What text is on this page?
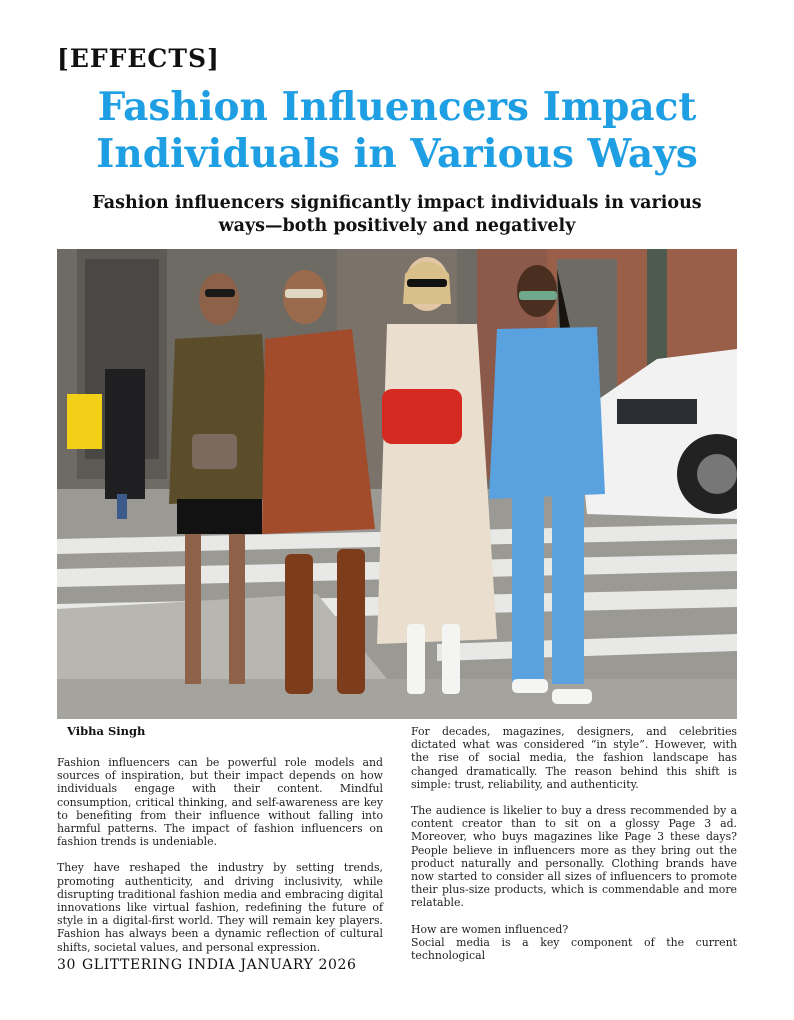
[EFFECTS]
Fashion Influencers Impact
Individuals in Various Ways
Fashion influencers significantly impact individuals in various
ways—both positively and negatively
Vibha Singh

Fashion influencers can be powerful role models and sources of inspiration, but their impact depends on how individuals engage with their content. Mindful consumption, critical thinking, and self-awareness are key to benefiting from their influence without falling into harmful patterns. The impact of fashion influencers on fashion trends is undeniable.

They have reshaped the industry by setting trends, promoting authenticity, and driving inclusivity, while disrupting traditional fashion media and embracing digital innovations like virtual fashion, redefining the future of style in a digital-first world. They will remain key players. Fashion has always been a dynamic reflection of cultural shifts, societal values, and personal expression.

For decades, magazines, designers, and celebrities dictated what was considered “in style”. However, with the rise of social media, the fashion landscape has changed dramatically. The reason behind this shift is simple: trust, reliability, and authenticity.

The audience is likelier to buy a dress recommended by a content creator than to sit on a glossy Page 3 ad. Moreover, who buys magazines like Page 3 these days? People believe in influencers more as they bring out the product naturally and personally. Clothing brands have now started to consider all sizes of influencers to promote their plus-size products, which is commendable and more relatable.

How are women influenced?

Social media is a key component of the current technological

30 GLITTERING INDIA JANUARY 2026
